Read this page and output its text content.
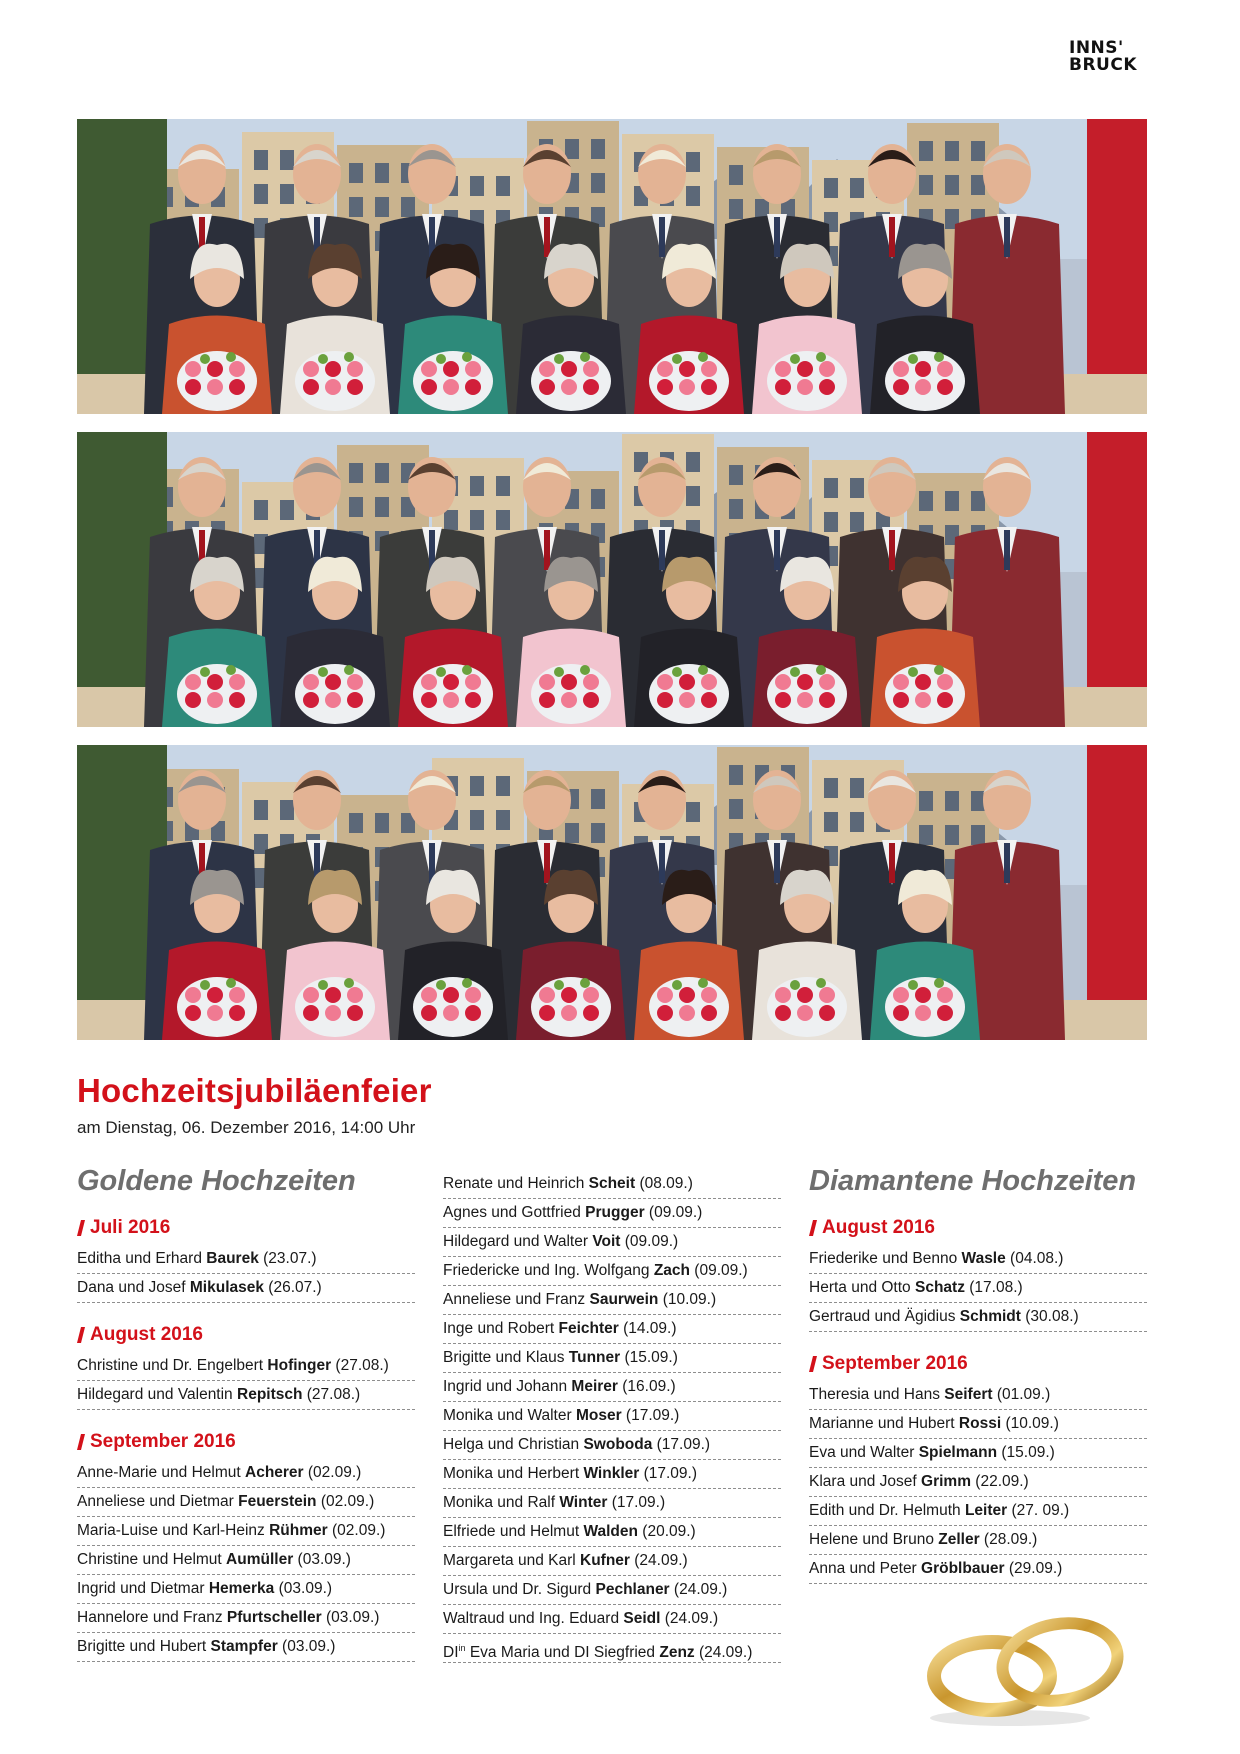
INNS'
BRUCK
Hochzeitsjubiläenfeier
am Dienstag, 06. Dezember 2016, 14:00 Uhr
Goldene Hochzeiten
Juli 2016
Editha und Erhard Baurek (23.07.)
Dana und Josef Mikulasek (26.07.)
August 2016
Christine und Dr. Engelbert Hofinger (27.08.)
Hildegard und Valentin Repitsch (27.08.)
September 2016
Anne-Marie und Helmut Acherer (02.09.)
Anneliese und Dietmar Feuerstein (02.09.)
Maria-Luise und Karl-Heinz Rühmer (02.09.)
Christine und Helmut Aumüller (03.09.)
Ingrid und Dietmar Hemerka (03.09.)
Hannelore und Franz Pfurtscheller (03.09.)
Brigitte und Hubert Stampfer (03.09.)
Renate und Heinrich Scheit (08.09.)
Agnes und Gottfried Prugger (09.09.)
Hildegard und Walter Voit (09.09.)
Friedericke und Ing. Wolfgang Zach (09.09.)
Anneliese und Franz Saurwein (10.09.)
Inge und Robert Feichter (14.09.)
Brigitte und Klaus Tunner (15.09.)
Ingrid und Johann Meirer (16.09.)
Monika und Walter Moser (17.09.)
Helga und Christian Swoboda (17.09.)
Monika und Herbert Winkler (17.09.)
Monika und Ralf Winter (17.09.)
Elfriede und Helmut Walden (20.09.)
Margareta und Karl Kufner (24.09.)
Ursula und Dr. Sigurd Pechlaner (24.09.)
Waltraud und Ing. Eduard Seidl (24.09.)
$DI^{in}$ Eva Maria und DI Siegfried Zenz (24.09.)
Diamantene Hochzeiten
August 2016
Friederike und Benno Wasle (04.08.)
Herta und Otto Schatz (17.08.)
Gertraud und Ägidius Schmidt (30.08.)
September 2016
Theresia und Hans Seifert (01.09.)
Marianne und Hubert Rossi (10.09.)
Eva und Walter Spielmann (15.09.)
Klara und Josef Grimm (22.09.)
Edith und Dr. Helmuth Leiter (27. 09.)
Helene und Bruno Zeller (28.09.)
Anna und Peter Gröblbauer (29.09.)
